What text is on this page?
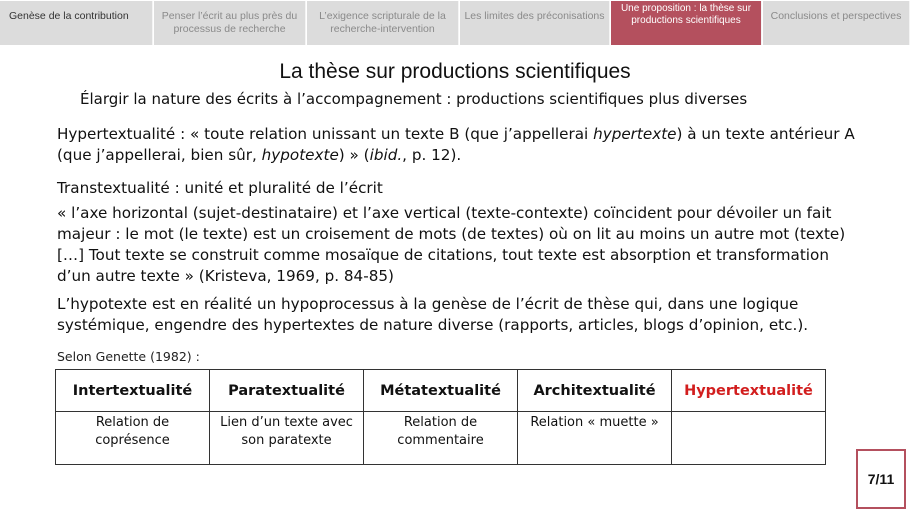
Genèse de la contribution	Penser l’écrit au plus près du processus de recherche
L’exigence scripturale de la recherche-intervention
Les limites des préconisations
Une proposition : la thèse sur productions scientifiques	Conclusions et perspectives
La thèse sur productions scientifiques
Élargir la nature des écrits à l’accompagnement : productions scientifiques plus diverses
Hypertextualité : « toute relation unissant un texte B (que j’appellerai hypertexte) à un texte antérieur A (que j’appellerai, bien sûr, hypotexte) » (ibid., p. 12).
Transtextualité : unité et pluralité de l’écrit
« l’axe horizontal (sujet-destinataire) et l’axe vertical (texte-contexte) coïncident pour dévoiler un fait majeur : le mot (le texte) est un croisement de mots (de textes) où on lit au moins un autre mot (texte) […] Tout texte se construit comme mosaïque de citations, tout texte est absorption et transformation d’un autre texte » (Kristeva, 1969, p. 84-85)
L’hypotexte est en réalité un hypoprocessus à la genèse de l’écrit de thèse qui, dans une logique systémique, engendre des hypertextes de nature diverse (rapports, articles, blogs d’opinion, etc.).
Selon Genette (1982) :
Intertextualité	Paratextualité	Métatextualité	Architextualité	Hypertextualité
Relation de coprésence	Lien d’un texte avec son paratexte	Relation de commentaire	Relation « muette »	
7/11
